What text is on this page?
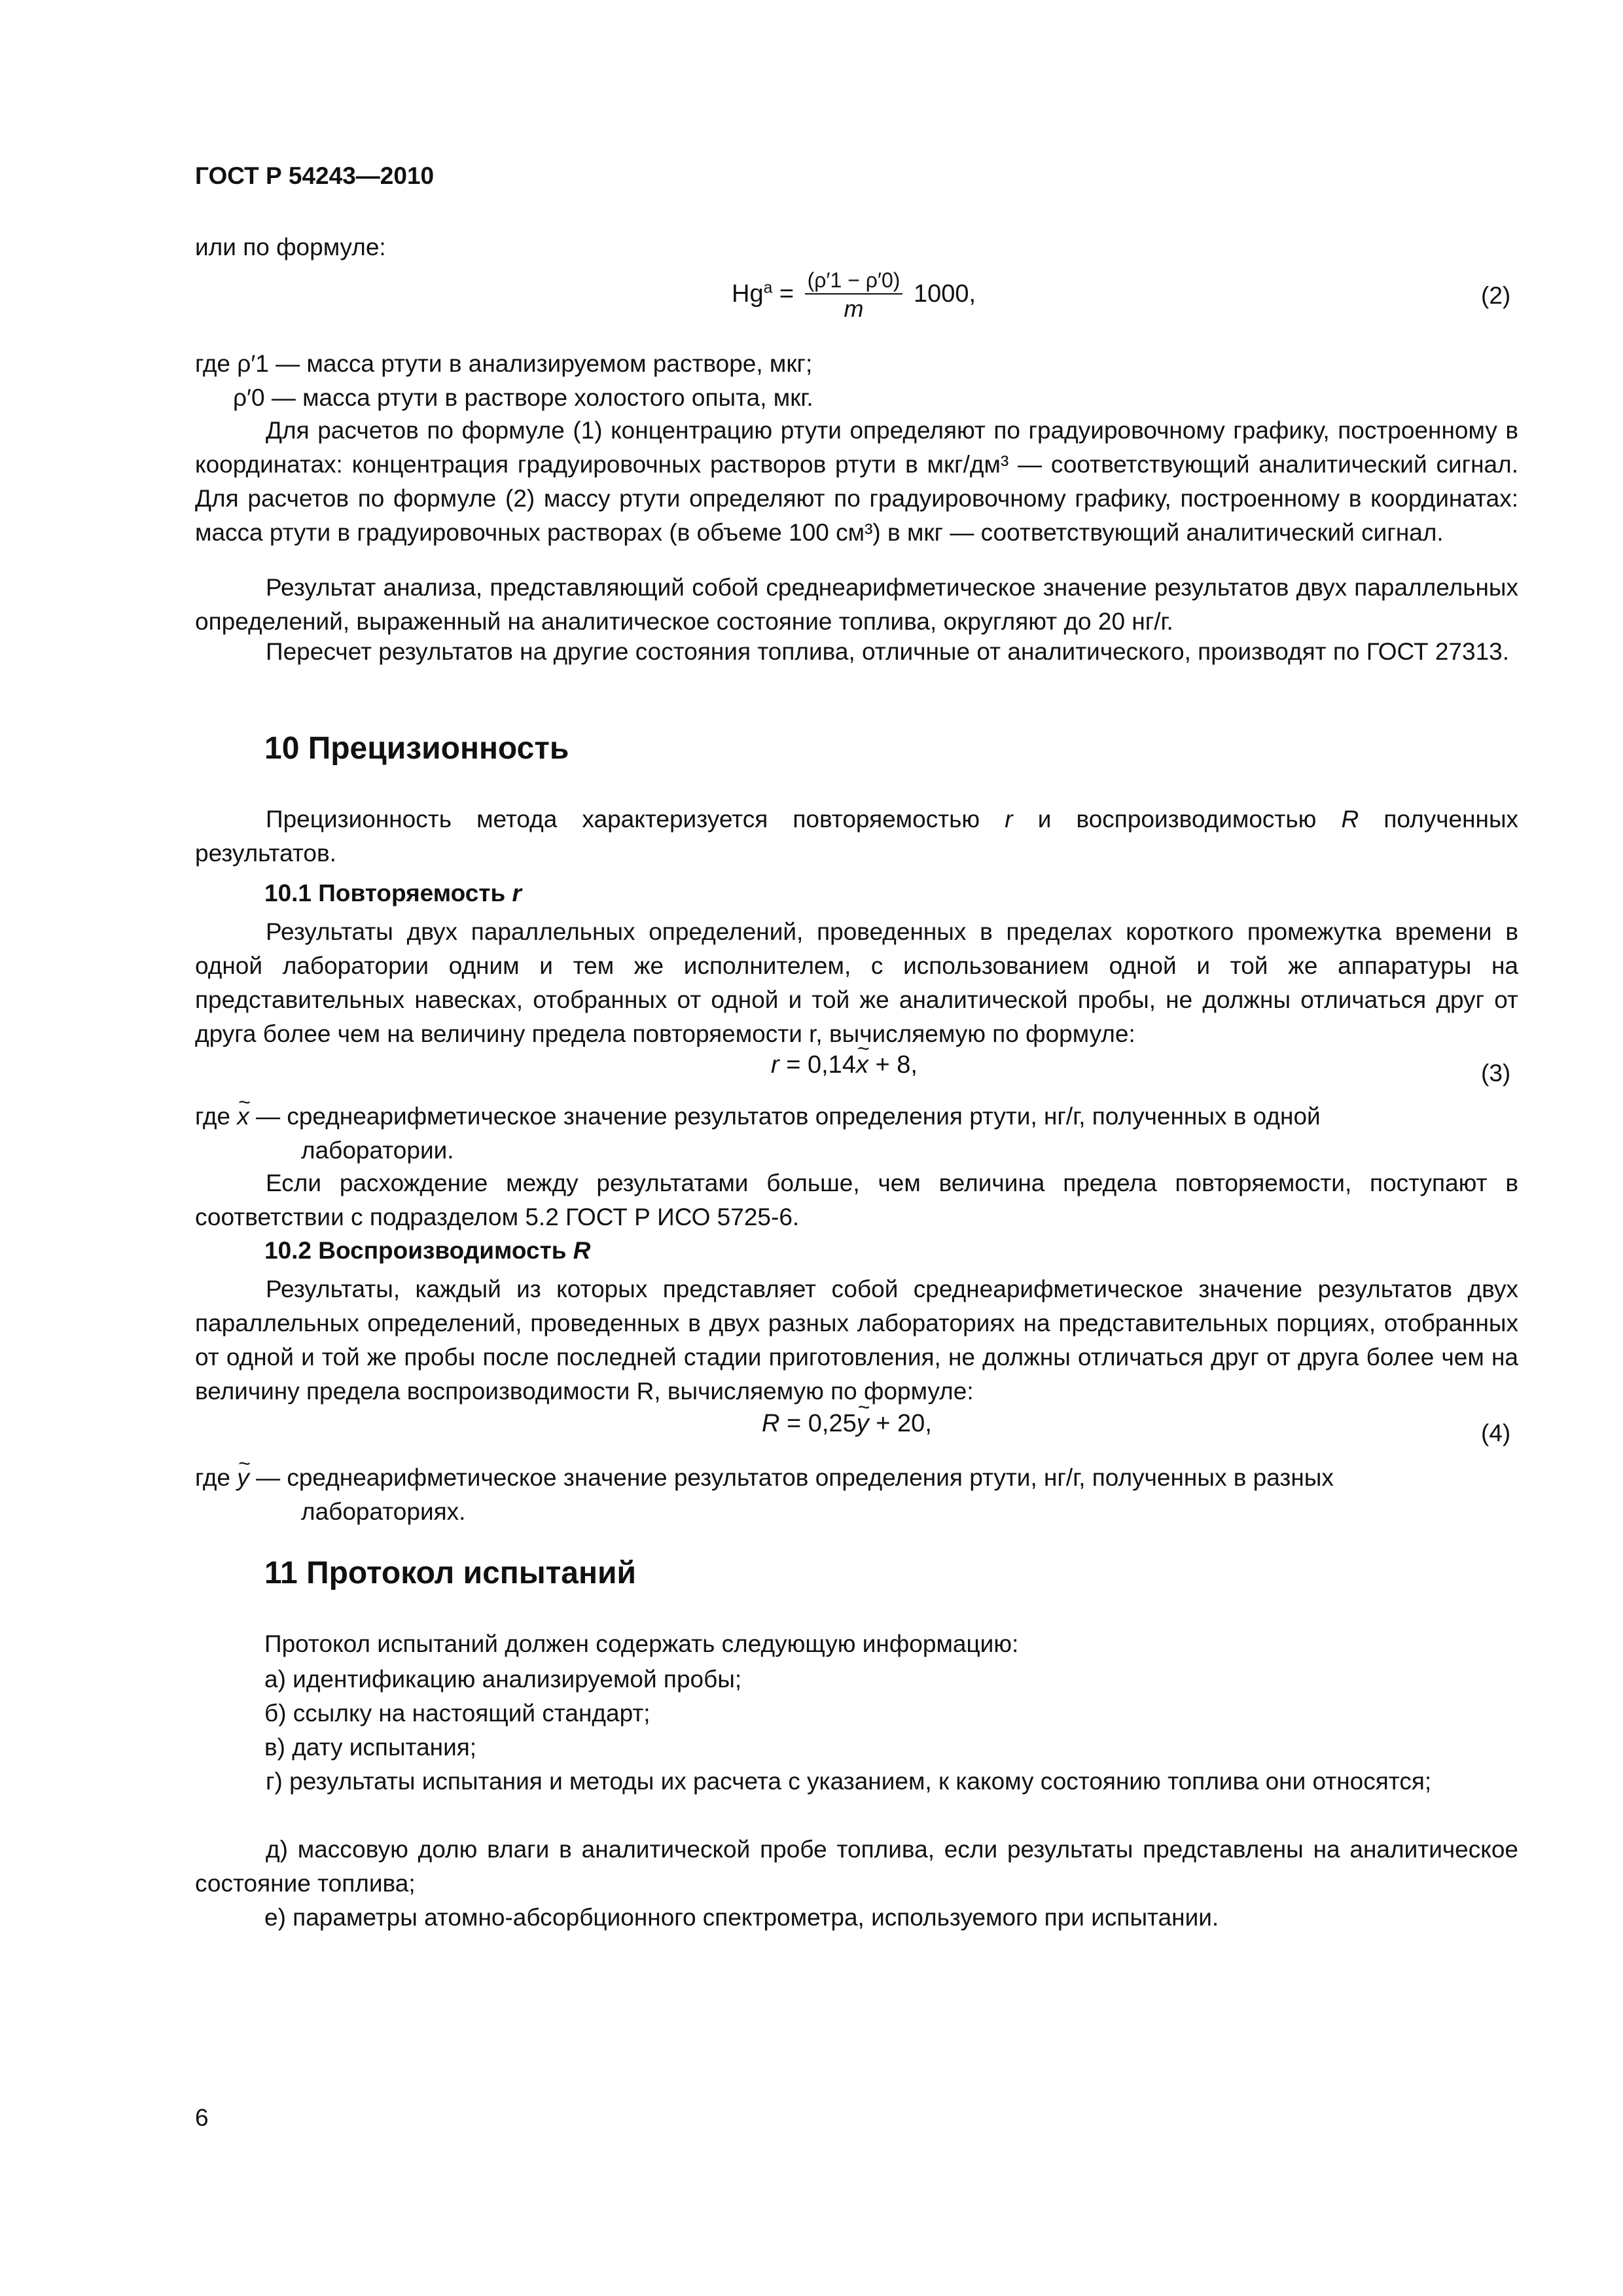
ГОСТ Р 54243—2010
или по формуле:
$Hg^a = \frac{(\rho'1 - \rho'0)}{m} 1000$,	(2)
где ρ′1 — масса ртути в анализируемом растворе, мкг;
ρ′0 — масса ртути в растворе холостого опыта, мкг.
Для расчетов по формуле (1) концентрацию ртути определяют по градуировочному графику, построенному в координатах: концентрация градуировочных растворов ртути в мкг/дм³ — соответствующий аналитический сигнал. Для расчетов по формуле (2) массу ртути определяют по градуировочному графику, построенному в координатах: масса ртути в градуировочных растворах (в объеме 100 см³) в мкг — соответствующий аналитический сигнал.
Результат анализа, представляющий собой среднеарифметическое значение результатов двух параллельных определений, выраженный на аналитическое состояние топлива, округляют до 20 нг/г.
Пересчет результатов на другие состояния топлива, отличные от аналитического, производят по ГОСТ 27313.
10 Прецизионность
Прецизионность метода характеризуется повторяемостью r и воспроизводимостью R полученных результатов.
10.1 Повторяемость r
Результаты двух параллельных определений, проведенных в пределах короткого промежутка времени в одной лаборатории одним и тем же исполнителем, с использованием одной и той же аппаратуры на представительных навесках, отобранных от одной и той же аналитической пробы, не должны отличаться друг от друга более чем на величину предела повторяемости r, вычисляемую по формуле:
r = 0,14~ x + 8,	(3)
где ~ x — среднеарифметическое значение результатов определения ртути, нг/г, полученных в одной
лаборатории.
Если расхождение между результатами больше, чем величина предела повторяемости, поступают в соответствии с подразделом 5.2 ГОСТ Р ИСО 5725-6.
10.2 Воспроизводимость R
Результаты, каждый из которых представляет собой среднеарифметическое значение результатов двух параллельных определений, проведенных в двух разных лабораториях на представительных порциях, отобранных от одной и той же пробы после последней стадии приготовления, не должны отличаться друг от друга более чем на величину предела воспроизводимости R, вычисляемую по формуле:
R = 0,25~ y + 20,	(4)
где ~ y — среднеарифметическое значение результатов определения ртути, нг/г, полученных в разных
лабораториях.
11 Протокол испытаний
Протокол испытаний должен содержать следующую информацию:
а) идентификацию анализируемой пробы;
б) ссылку на настоящий стандарт;
в) дату испытания;
г) результаты испытания и методы их расчета с указанием, к какому состоянию топлива они относятся;
д) массовую долю влаги в аналитической пробе топлива, если результаты представлены на аналитическое состояние топлива;
е) параметры атомно-абсорбционного спектрометра, используемого при испытании.
6
